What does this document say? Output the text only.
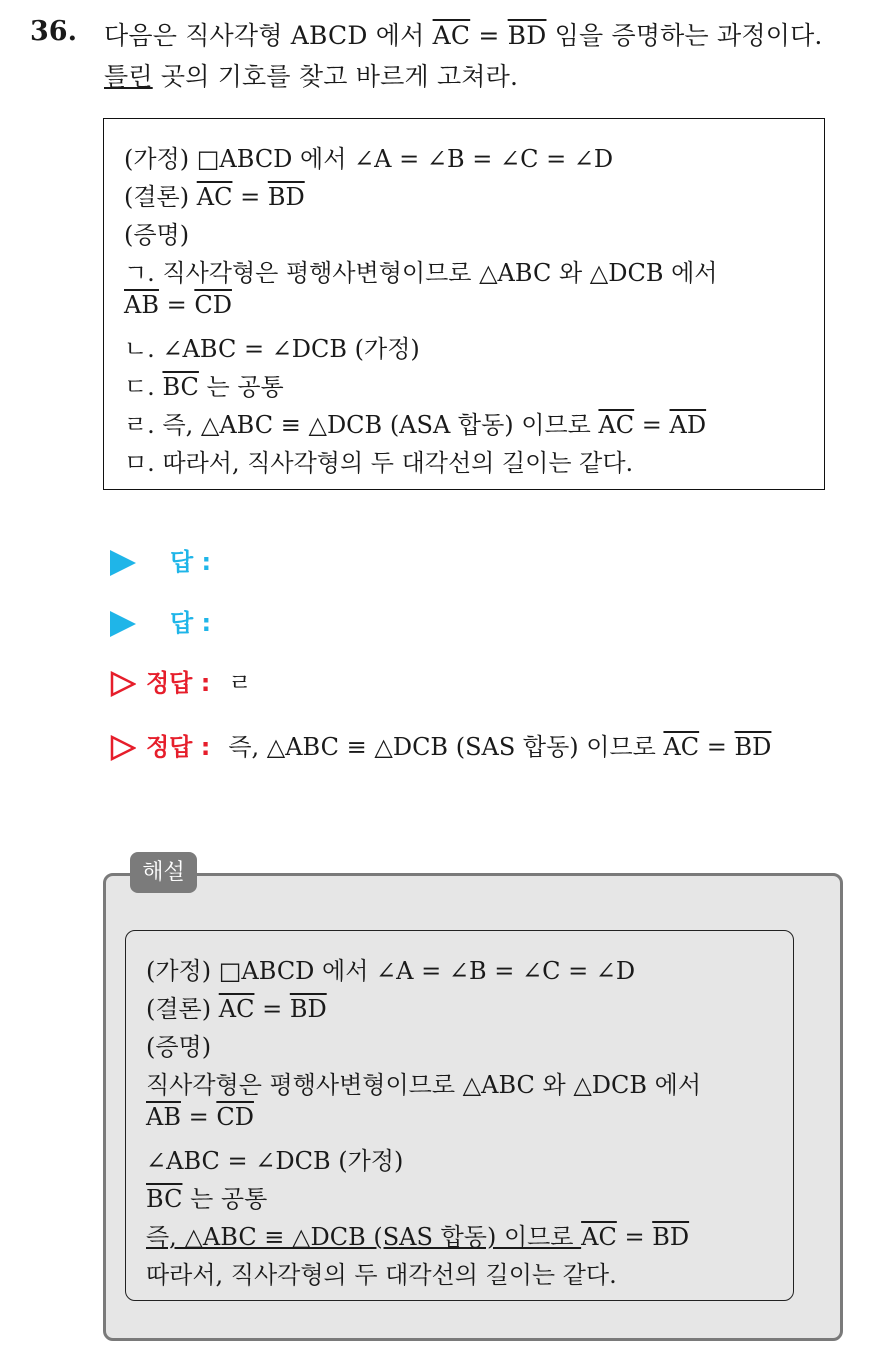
36. 다음은 직사각형 ABCD 에서 $\overline{AC} = \overline{BD}$ 임을 증명하는 과정이다.
틀린 곳의 기호를 찾고 바르게 고쳐라.
(가정) □ABCD 에서 ∠A = ∠B = ∠C = ∠D
(결론) $\overline{AC} = \overline{BD}$
(증명)
ㄱ. 직사각형은 평행사변형이므로 △ABC 와 △DCB 에서
$\overline{AB} = \overline{CD}$
ㄴ. ∠ABC = ∠DCB (가정)
ㄷ. $\overline{BC}$ 는 공통
ㄹ. 즉, △ABC ≡ △DCB (ASA 합동) 이므로 $\overline{AC} = \overline{AD}$
ㅁ. 따라서, 직사각형의 두 대각선의 길이는 같다.
답 :
답 :
정답 : ㄹ
정답 : 즉, △ABC ≡ △DCB (SAS 합동) 이므로 $\overline{AC} = \overline{BD}$
해설
(가정) □ABCD 에서 ∠A = ∠B = ∠C = ∠D
(결론) $\overline{AC} = \overline{BD}$
(증명)
직사각형은 평행사변형이므로 △ABC 와 △DCB 에서
$\overline{AB} = \overline{CD}$
∠ABC = ∠DCB (가정)
$\overline{BC}$ 는 공통
즉, △ABC ≡ △DCB (SAS 합동) 이므로 $\overline{AC} = \overline{BD}$
따라서, 직사각형의 두 대각선의 길이는 같다.
